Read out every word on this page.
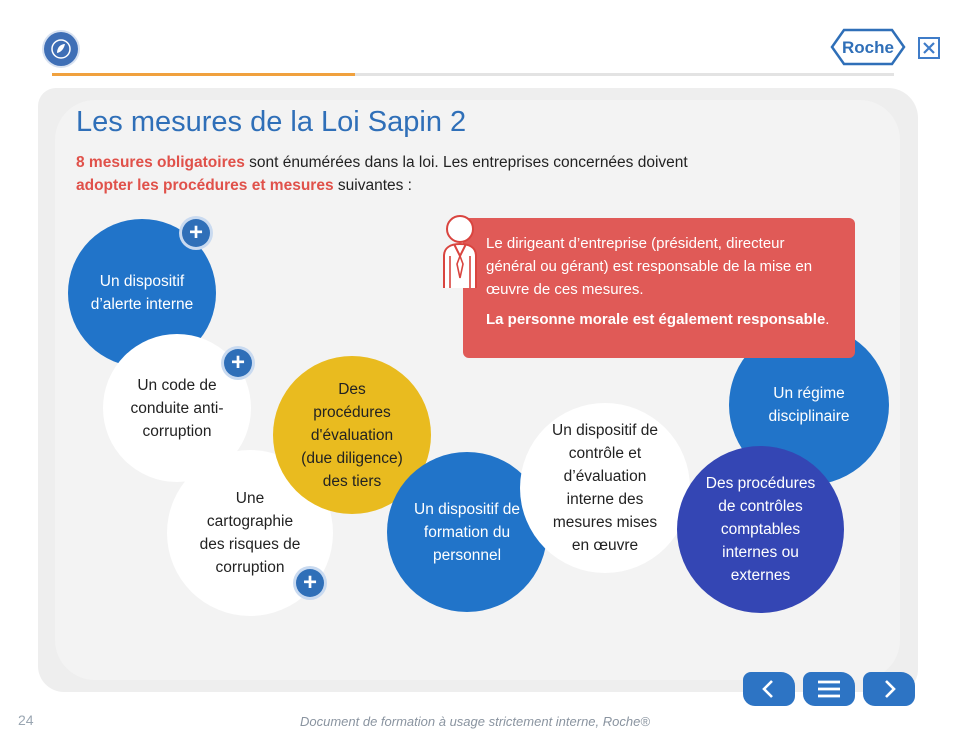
Roche
Les mesures de la Loi Sapin 2
8 mesures obligatoires sont énumérées dans la loi. Les entreprises concernées doivent adopter les procédures et mesures suivantes :
Un dispositif d’alerte interne
+
Un code de conduite anti-corruption
+
Une cartographie des risques de corruption
+
Des procédures d'évaluation (due diligence) des tiers
Un dispositif de formation du personnel
Un dispositif de contrôle et d’évaluation interne des mesures mises en œuvre
Un régime disciplinaire
Des procédures de contrôles comptables internes ou externes

Le dirigeant d’entreprise (président, directeur général ou gérant) est responsable de la mise en œuvre de ces mesures.

La personne morale est également responsable.

24	Document de formation à usage strictement interne, Roche®
